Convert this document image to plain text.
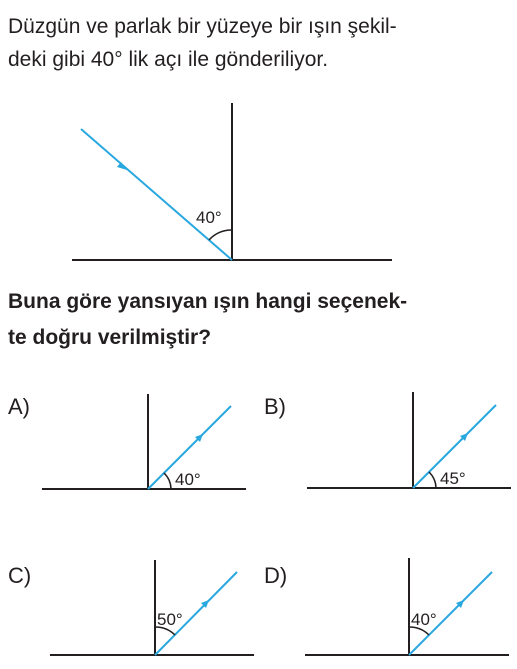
Düzgün ve parlak bir yüzeye bir ışın şekil-
deki gibi 40° lik açı ile gönderiliyor.

40°

Buna göre yansıyan ışın hangi seçenek-
te doğru verilmiştir?

A)	B)
C)	D)
40°	45°
50°	40°
